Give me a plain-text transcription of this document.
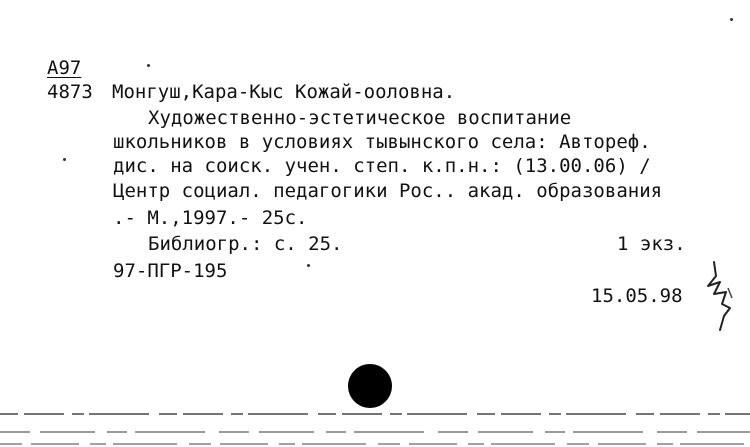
А97
4873 Монгуш,Кара-Кыс Кожай-ооловна.
Художественно-эстетическое воспитание
школьников в условиях тывынского села: Автореф.
дис. на соиск. учен. степ. к.п.н.: (13.00.06) /
Центр социал. педагогики Рос.. акад. образования
.- М.,1997.- 25с.
Библиогр.: с. 25.	1 экз.
97-ПГР-195
15.05.98
